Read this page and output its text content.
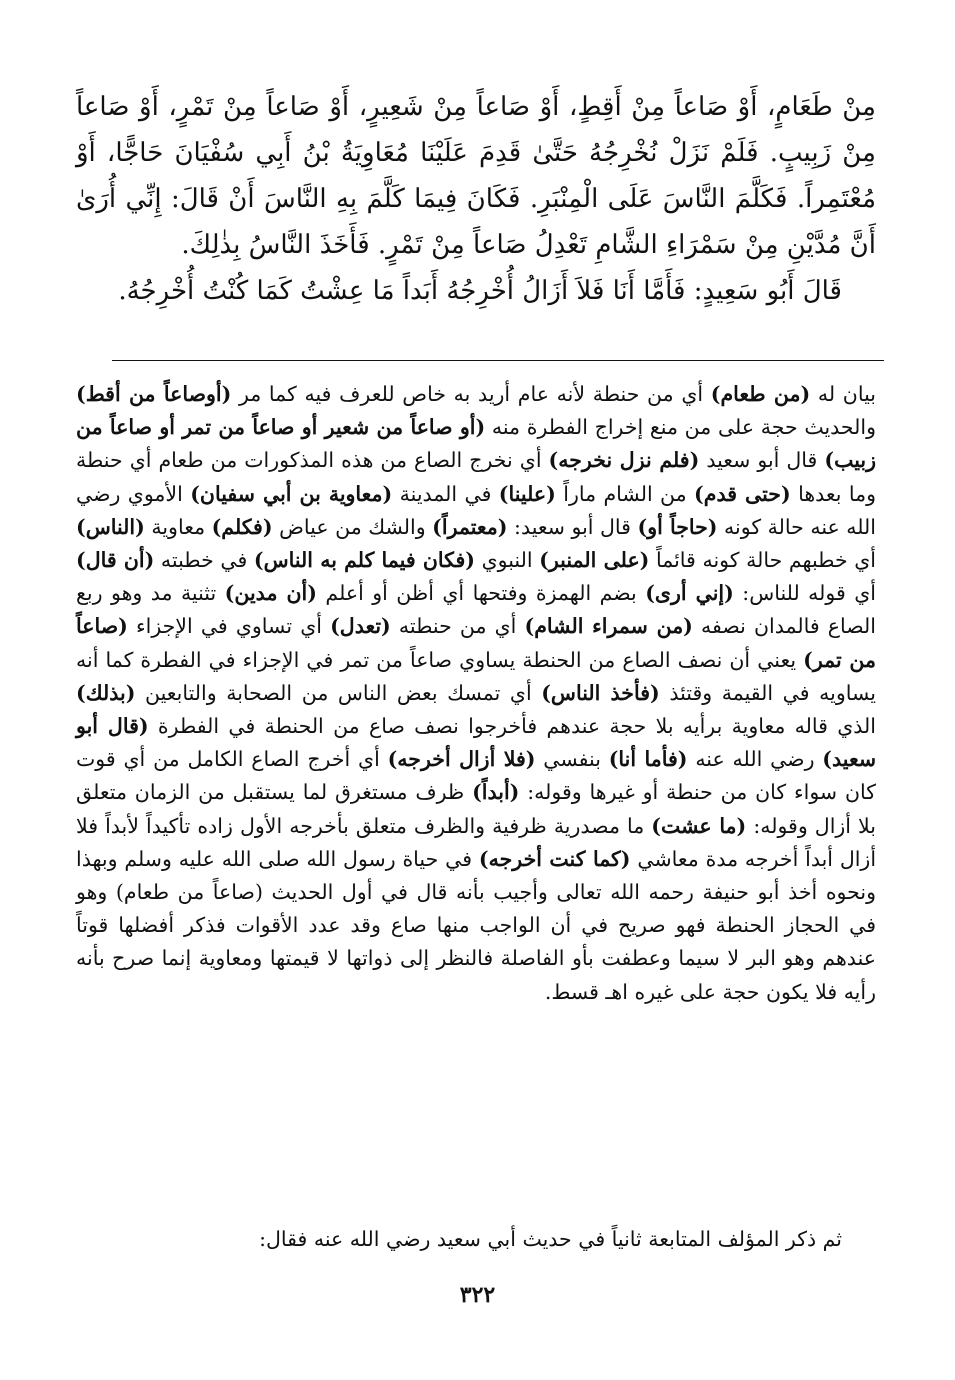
مِنْ طَعَامٍ، أَوْ صَاعاً مِنْ أَقِطٍ، أَوْ صَاعاً مِنْ شَعِيرٍ، أَوْ صَاعاً مِنْ تَمْرٍ، أَوْ صَاعاً مِنْ زَبِيبٍ. فَلَمْ نَزَلْ نُخْرِجُهُ حَتَّىٰ قَدِمَ عَلَيْنَا مُعَاوِيَةُ بْنُ أَبِي سُفْيَانَ حَاجًّا، أَوْ مُعْتَمِراً. فَكَلَّمَ النَّاسَ عَلَى الْمِنْبَرِ. فَكَانَ فِيمَا كَلَّمَ بِهِ النَّاسَ أَنْ قَالَ: إِنِّي أُرَىٰ أَنَّ مُدَّيْنِ مِنْ سَمْرَاءِ الشَّامِ تَعْدِلُ صَاعاً مِنْ تَمْرٍ. فَأَخَذَ النَّاسُ بِذٰلِكَ.

قَالَ أَبُو سَعِيدٍ: فَأَمَّا أَنَا فَلاَ أَزَالُ أُخْرِجُهُ أَبَداً مَا عِشْتُ كَمَا كُنْتُ أُخْرِجُهُ.

بيان له (من طعام) أي من حنطة لأنه عام أريد به خاص للعرف فيه كما مر (أوصاعاً من أقط) والحديث حجة على من منع إخراج الفطرة منه (أو صاعاً من شعير أو صاعاً من تمر أو صاعاً من زبيب) قال أبو سعيد (فلم نزل نخرجه) أي نخرج الصاع من هذه المذكورات من طعام أي حنطة وما بعدها (حتى قدم) من الشام ماراً (علينا) في المدينة (معاوية بن أبي سفيان) الأموي رضي الله عنه حالة كونه (حاجاً أو) قال أبو سعيد: (معتمراً) والشك من عياض (فكلم) معاوية (الناس) أي خطبهم حالة كونه قائماً (على المنبر) النبوي (فكان فيما كلم به الناس) في خطبته (أن قال) أي قوله للناس: (إني أرى) بضم الهمزة وفتحها أي أظن أو أعلم (أن مدين) تثنية مد وهو ربع الصاع فالمدان نصفه (من سمراء الشام) أي من حنطته (تعدل) أي تساوي في الإجزاء (صاعاً من تمر) يعني أن نصف الصاع من الحنطة يساوي صاعاً من تمر في الإجزاء في الفطرة كما أنه يساويه في القيمة وقتئذ (فأخذ الناس) أي تمسك بعض الناس من الصحابة والتابعين (بذلك) الذي قاله معاوية برأيه بلا حجة عندهم فأخرجوا نصف صاع من الحنطة في الفطرة (قال أبو سعيد) رضي الله عنه (فأما أنا) بنفسي (فلا أزال أخرجه) أي أخرج الصاع الكامل من أي قوت كان سواء كان من حنطة أو غيرها وقوله: (أبداً) ظرف مستغرق لما يستقبل من الزمان متعلق بلا أزال وقوله: (ما عشت) ما مصدرية ظرفية والظرف متعلق بأخرجه الأول زاده تأكيداً لأبداً فلا أزال أبداً أخرجه مدة معاشي (كما كنت أخرجه) في حياة رسول الله صلى الله عليه وسلم وبهذا ونحوه أخذ أبو حنيفة رحمه الله تعالى وأجيب بأنه قال في أول الحديث (صاعاً من طعام) وهو في الحجاز الحنطة فهو صريح في أن الواجب منها صاع وقد عدد الأقوات فذكر أفضلها قوتاً عندهم وهو البر لا سيما وعطفت بأو الفاصلة فالنظر إلى ذواتها لا قيمتها ومعاوية إنما صرح بأنه رأيه فلا يكون حجة على غيره اهـ قسط.
ثم ذكر المؤلف المتابعة ثانياً في حديث أبي سعيد رضي الله عنه فقال:
٣٢٢
